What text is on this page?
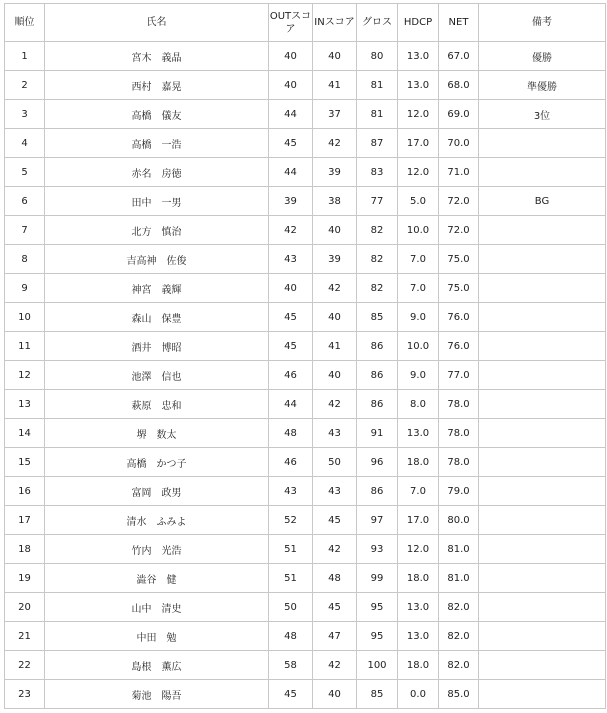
順位	氏名	OUTスコア	INスコア	グロス	HDCP	NET	備考
1	宮木　義晶	40	40	80	13.0	67.0	優勝
2	西村　嘉晃	40	41	81	13.0	68.0	準優勝
3	高橋　儀友	44	37	81	12.0	69.0	3位
4	高橋　一浩	45	42	87	17.0	70.0	
5	赤名　房徳	44	39	83	12.0	71.0	
6	田中　一男	39	38	77	5.0	72.0	BG
7	北方　慎治	42	40	82	10.0	72.0	
8	吉高神　佐俊	43	39	82	7.0	75.0	
9	神宮　義輝	40	42	82	7.0	75.0	
10	森山　保豊	45	40	85	9.0	76.0	
11	酒井　博昭	45	41	86	10.0	76.0	
12	池澤　信也	46	40	86	9.0	77.0	
13	萩原　忠和	44	42	86	8.0	78.0	
14	堺　数太	48	43	91	13.0	78.0	
15	高橋　かつ子	46	50	96	18.0	78.0	
16	富岡　政男	43	43	86	7.0	79.0	
17	清水　ふみよ	52	45	97	17.0	80.0	
18	竹内　光浩	51	42	93	12.0	81.0	
19	澁谷　健	51	48	99	18.0	81.0	
20	山中　清史	50	45	95	13.0	82.0	
21	中田　勉	48	47	95	13.0	82.0	
22	島根　薫広	58	42	100	18.0	82.0	
23	菊池　陽吾	45	40	85	0.0	85.0	
